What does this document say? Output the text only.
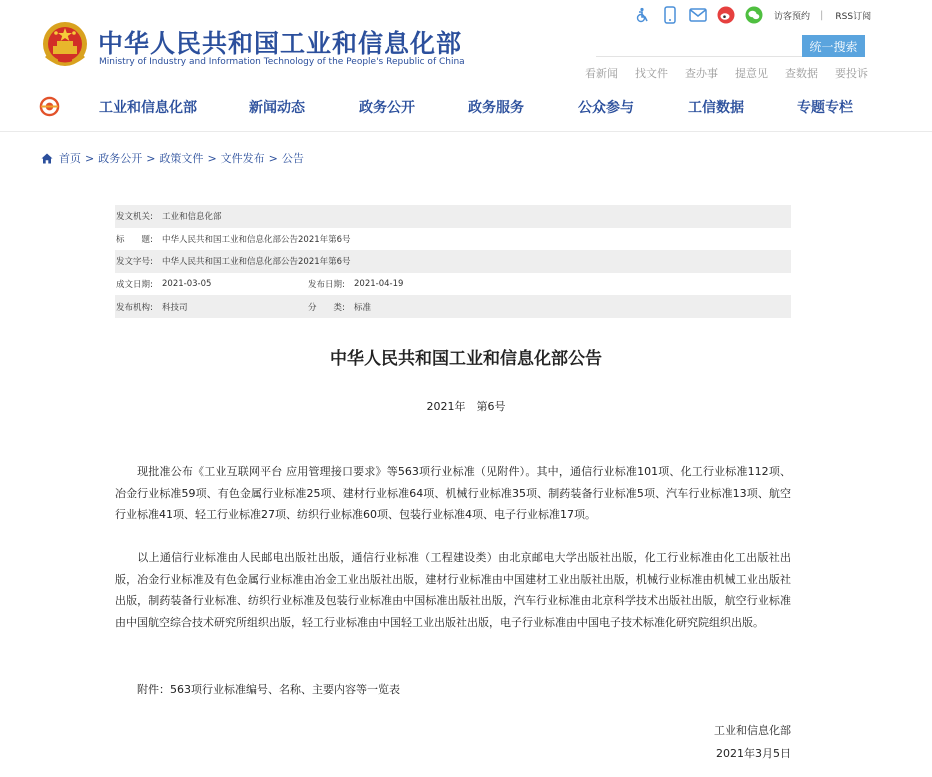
中华人民共和国工业和信息化部
Ministry of Industry and Information Technology of the People's Republic of China
访客预约 | RSS订阅
统一搜索
看新闻 找文件 查办事 提意见 查数据 要投诉
工业和信息化部	新闻动态	政务公开	政务服务	公众参与	工信数据	专题专栏
首页 > 政务公开 > 政策文件 > 文件发布 > 公告
发文机关:	工业和信息化部
标　　题:	中华人民共和国工业和信息化部公告2021年第6号
发文字号:	中华人民共和国工业和信息化部公告2021年第6号
成文日期:	2021-03-05	发布日期:	2021-04-19
发布机构:	科技司	分　　类:	标准
中华人民共和国工业和信息化部公告
2021年　第6号
现批准公布《工业互联网平台 应用管理接口要求》等563项行业标准（见附件）。其中，通信行业标准101项、化工行业标准112项、冶金行业标准59项、有色金属行业标准25项、建材行业标准64项、机械行业标准35项、制药装备行业标准5项、汽车行业标准13项、航空行业标准41项、轻工行业标准27项、纺织行业标准60项、包装行业标准4项、电子行业标准17项。
以上通信行业标准由人民邮电出版社出版，通信行业标准（工程建设类）由北京邮电大学出版社出版，化工行业标准由化工出版社出版，冶金行业标准及有色金属行业标准由冶金工业出版社出版，建材行业标准由中国建材工业出版社出版，机械行业标准由机械工业出版社出版，制药装备行业标准、纺织行业标准及包装行业标准由中国标准出版社出版，汽车行业标准由北京科学技术出版社出版，航空行业标准由中国航空综合技术研究所组织出版，轻工行业标准由中国轻工业出版社出版，电子行业标准由中国电子技术标准化研究院组织出版。
附件：563项行业标准编号、名称、主要内容等一览表
工业和信息化部
2021年3月5日
